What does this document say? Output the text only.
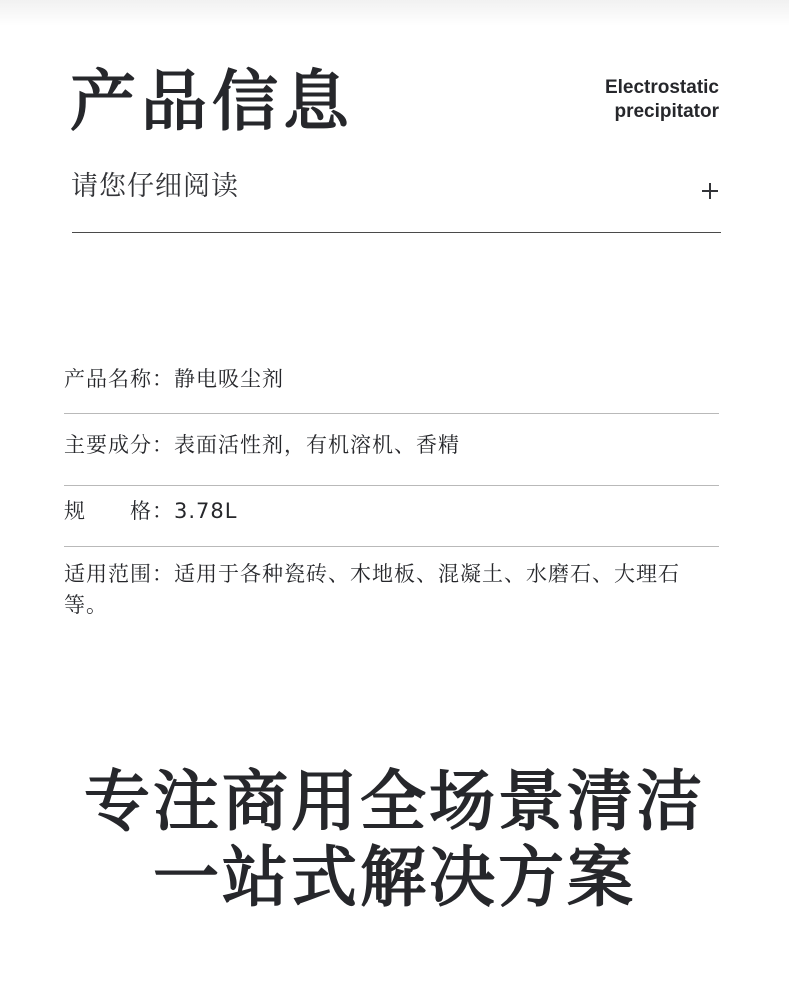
产品信息	Electrostatic
precipitator
请您仔细阅读
产品名称：静电吸尘剂
主要成分：表面活性剂，有机溶机、香精
规　　格：3.78L
适用范围：适用于各种瓷砖、木地板、混凝土、水磨石、大理石等。
专注商用全场景清洁
一站式解决方案
